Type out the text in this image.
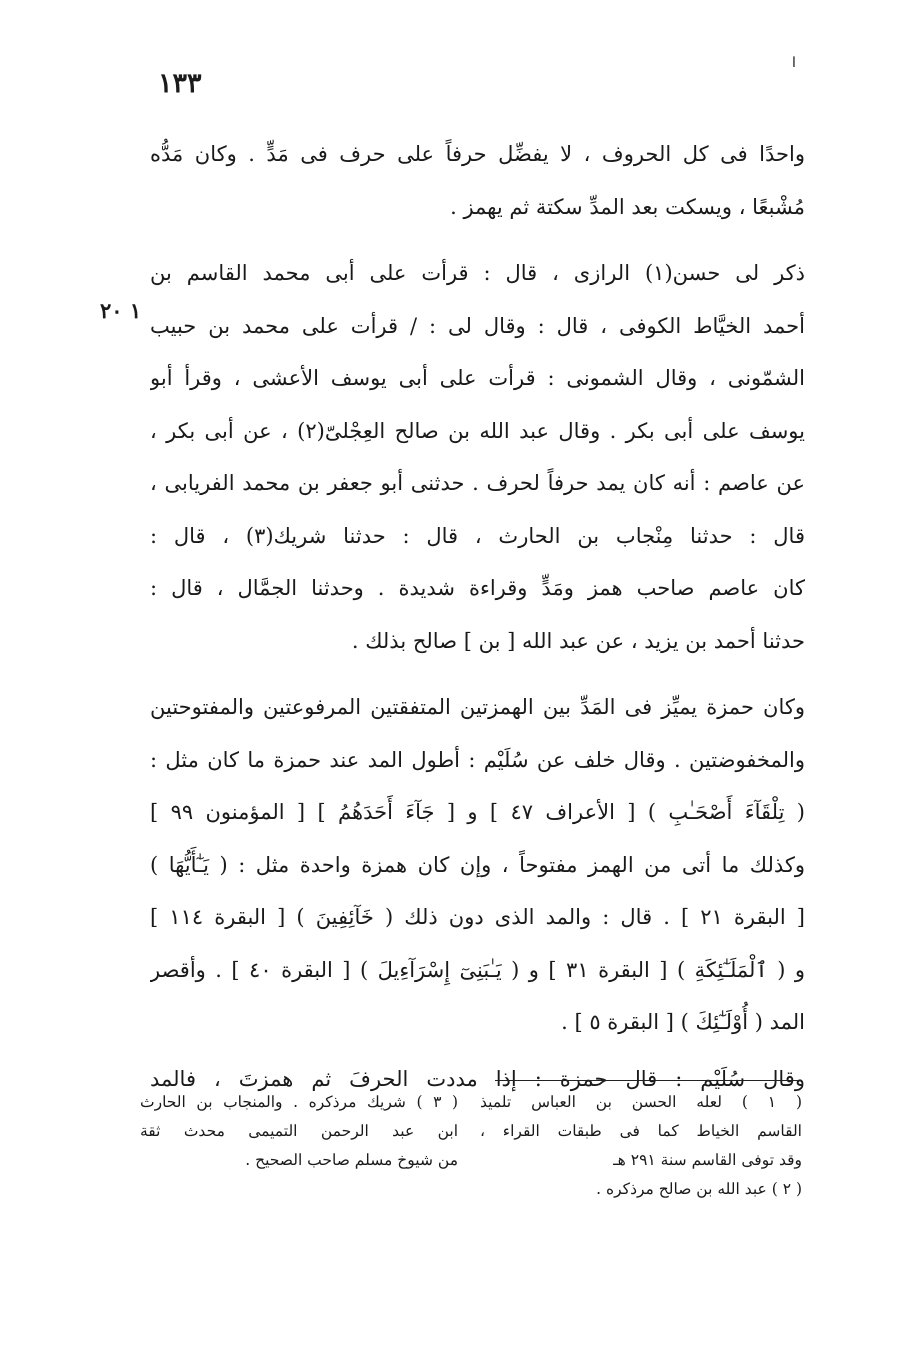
١٣٣
ا
١ ٢٠
واحدًا فى كل الحروف ، لا يفضِّل حرفاً على حرف فى مَدٍّ . وكان مَدُّه
مُشْبعًا ، ويسكت بعد المدِّ سكتة ثم يهمز .
ذكر لى حسن(١) الرازى ، قال : قرأت على أبى محمد القاسم بن
أحمد الخيَّاط الكوفى ، قال : وقال لى : / قرأت على محمد بن حبيب
الشمّونى ، وقال الشمونى : قرأت على أبى يوسف الأعشى ، وقرأ أبو
يوسف على أبى بكر . وقال عبد الله بن صالح العِجْلىّ(٢) ، عن أبى بكر ،
عن عاصم : أنه كان يمد حرفاً لحرف . حدثنى أبو جعفر بن محمد الفريابى ،
قال : حدثنا مِنْجاب بن الحارث ، قال : حدثنا شريك(٣) ، قال :
كان عاصم صاحب همز ومَدٍّ وقراءة شديدة . وحدثنا الجمَّال ، قال :
حدثنا أحمد بن يزيد ، عن عبد الله [ بن ] صالح بذلك .
وكان حمزة يميِّز فى المَدِّ بين الهمزتين المتفقتين المرفوعتين والمفتوحتين
والمخفوضتين . وقال خلف عن سُلَيْم : أطول المد عند حمزة ما كان مثل :
( تِلْقَآءَ أَصْحَـٰبِ ) [ الأعراف ٤٧ ] و [ جَآءَ أَحَدَهُمُ ] [ المؤمنون ٩٩ ]
وكذلك ما أتى من الهمز مفتوحاً ، وإن كان همزة واحدة مثل : ( يَـٰٓأَيُّهَا )
[ البقرة ٢١ ] . قال : والمد الذى دون ذلك ( خَآئِفِينَ ) [ البقرة ١١٤ ]
و ( ٱلْمَلَـٰٓئِكَةِ ) [ البقرة ٣١ ] و ( يَـٰبَنِىٓ إِسْرَآءِيلَ ) [ البقرة ٤٠ ] . وأقصر
المد ( أُوْلَـٰٓئِكَ ) [ البقرة ٥ ] .
وقال سُلَيْم : قال حمزة : إذا مددت الحرفَ ثم همزتَ ، فالمد
( ١ ) لعله الحسن بن العباس تلميذ
القاسم الخياط كما فى طبقات القراء ،
وقد توفى القاسم سنة ٢٩١ هـ
( ٢ ) عبد الله بن صالح مرذكره .
( ٣ ) شريك مرذكره . والمنجاب بن الحارث
ابن عبد الرحمن التميمى محدث ثقة
من شيوخ مسلم صاحب الصحيح .
